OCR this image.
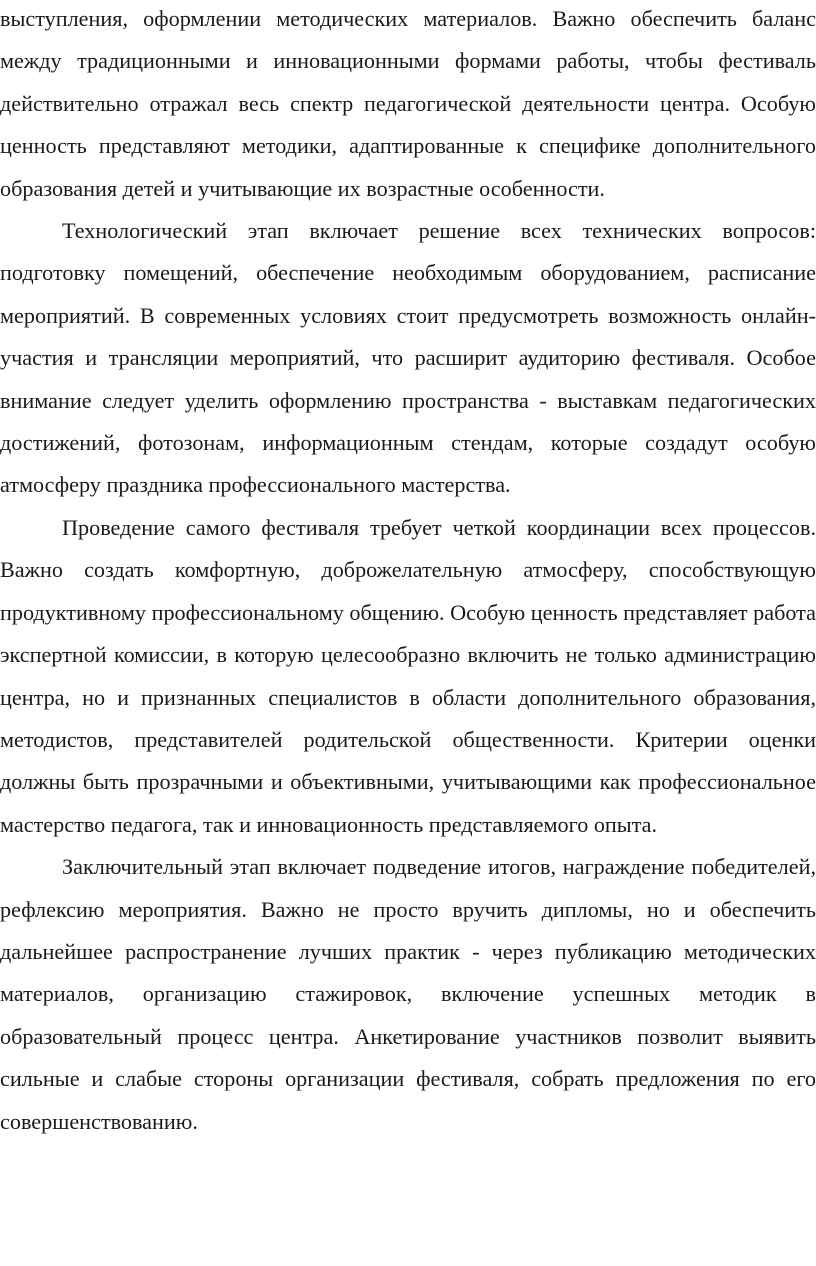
выступления, оформлении методических материалов. Важно обеспечить баланс между традиционными и инновационными формами работы, чтобы фестиваль действительно отражал весь спектр педагогической деятельности центра. Особую ценность представляют методики, адаптированные к специфике дополнительного образования детей и учитывающие их возрастные особенности.

Технологический этап включает решение всех технических вопросов: подготовку помещений, обеспечение необходимым оборудованием, расписание мероприятий. В современных условиях стоит предусмотреть возможность онлайн-участия и трансляции мероприятий, что расширит аудиторию фестиваля. Особое внимание следует уделить оформлению пространства - выставкам педагогических достижений, фотозонам, информационным стендам, которые создадут особую атмосферу праздника профессионального мастерства.

Проведение самого фестиваля требует четкой координации всех процессов. Важно создать комфортную, доброжелательную атмосферу, способствующую продуктивному профессиональному общению. Особую ценность представляет работа экспертной комиссии, в которую целесообразно включить не только администрацию центра, но и признанных специалистов в области дополнительного образования, методистов, представителей родительской общественности. Критерии оценки должны быть прозрачными и объективными, учитывающими как профессиональное мастерство педагога, так и инновационность представляемого опыта.

Заключительный этап включает подведение итогов, награждение победителей, рефлексию мероприятия. Важно не просто вручить дипломы, но и обеспечить дальнейшее распространение лучших практик - через публикацию методических материалов, организацию стажировок, включение успешных методик в образовательный процесс центра. Анкетирование участников позволит выявить сильные и слабые стороны организации фестиваля, собрать предложения по его совершенствованию.
